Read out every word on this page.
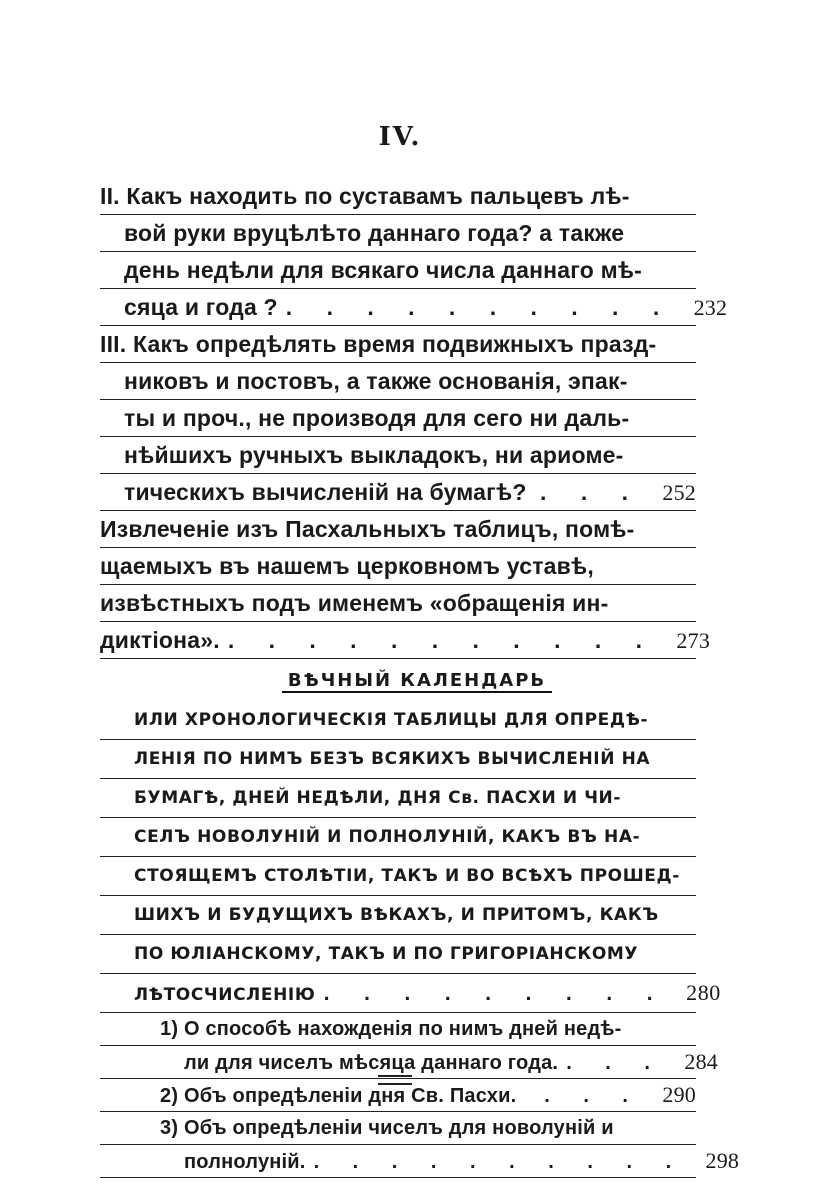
IV.
II. Какъ находить по суставамъ пальцевъ лѣ-
вой руки вруцѣлѣто даннаго года? а также
день недѣли для всякаго числа даннаго мѣ-
сяца и года ? . . . . . . . . . . 232
III. Какъ опредѣлять время подвижныхъ празд-
никовъ и постовъ, а также основанія, эпак-
ты и проч., не производя для сего ни даль-
нѣйшихъ ручныхъ выкладокъ, ни ариоме-
тическихъ вычисленій на бумагѣ? . . . 252
Извлеченіе изъ Пасхальныхъ таблицъ, помѣ-
щаемыхъ въ нашемъ церковномъ уставѣ,
извѣстныхъ подъ именемъ «обращенія ин-
диктіона». . . . . . . . . . . . 273
ВѢЧНЫЙ КАЛЕНДАРЬ
ИЛИ ХРОНОЛОГИЧЕСКІЯ ТАБЛИЦЫ ДЛЯ ОПРЕДѢ-
ЛЕНІЯ ПО НИМЪ БЕЗЪ ВСЯКИХЪ ВЫЧИСЛЕНІЙ НА
БУМАГѢ, ДНЕЙ НЕДѢЛИ, ДНЯ Св. ПАСХИ И ЧИ-
СЕЛЪ НОВОЛУНІЙ И ПОЛНОЛУНІЙ, КАКЪ ВЪ НА-
СТОЯЩЕМЪ СТОЛѢТІИ, ТАКЪ И ВО ВСѢХЪ ПРОШЕД-
ШИХЪ И БУДУЩИХЪ ВѢКАХЪ, И ПРИТОМЪ, КАКЪ
ПО ЮЛІАНСКОМУ, ТАКЪ И ПО ГРИГОРІАНСКОМУ
ЛѢТОСЧИСЛЕНІЮ . . . . . . . . . 280
1) О способѣ нахожденія по нимъ дней недѣ-
ли для чиселъ мѣсяца даннаго года. . . . 284
2) Объ опредѣленіи дня Св. Пасхи.	. . . 290
3) Объ опредѣленіи чиселъ для новолуній и
полнолуній. . . . . . . . . . . 298
